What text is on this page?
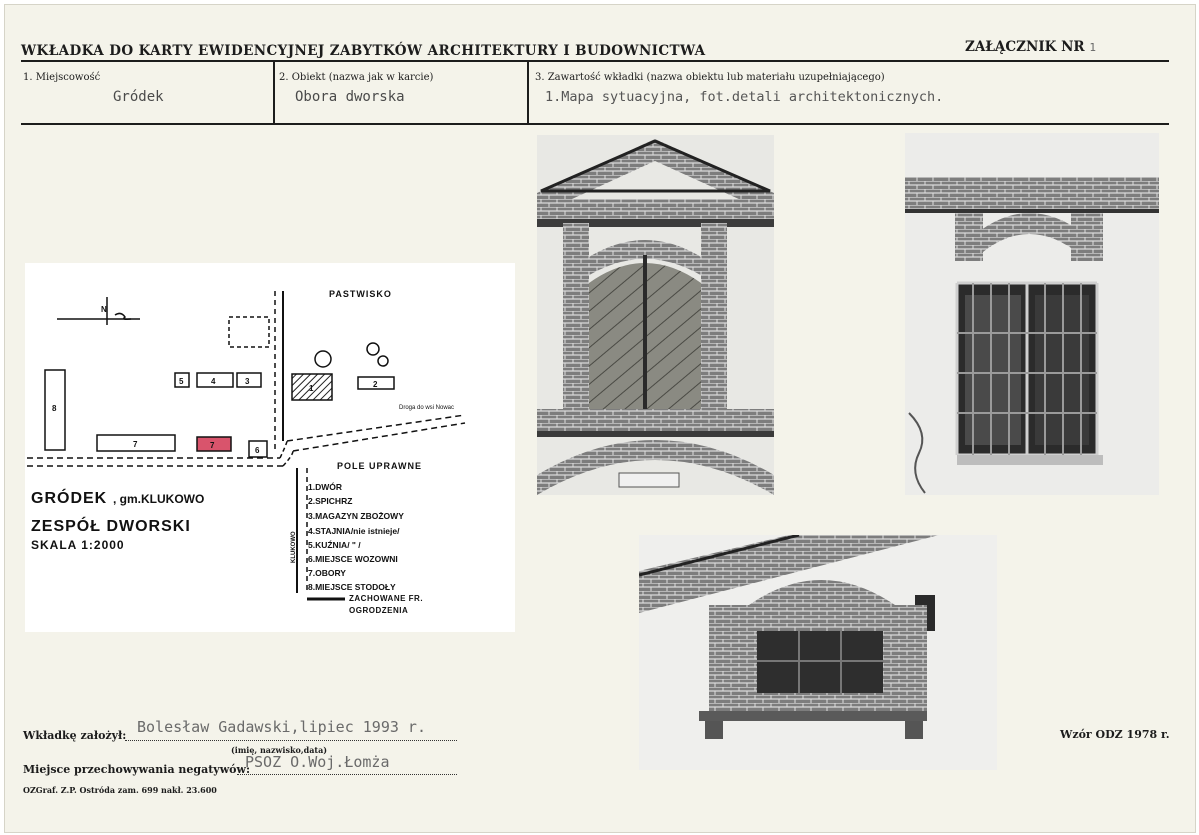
WKŁADKA DO KARTY EWIDENCYJNEJ ZABYTKÓW ARCHITEKTURY I BUDOWNICTWA	ZAŁĄCZNIK NR 1
1. Miejscowość
Gródek
2. Obiekt (nazwa jak w karcie)
Obora dworska
3. Zawartość wkładki (nazwa obiektu lub materiału uzupełniającego)
1.Mapa sytuacyjna, fot.detali architektonicznych.
N
8
7	7
6
5	4	3
1	2
PASTWISKO
POLE UPRAWNE
Droga do wsi Nowac
KLUKOWO
GRÓDEK , gm.KLUKOWO
ZESPÓŁ DWORSKI
SKALA 1:2000
1.DWÓR
2.SPICHRZ
3.MAGAZYN ZBOŻOWY
4.STAJNIA/nie istnieje/
5.KUŹNIA/ " /
6.MIEJSCE WOZOWNI
7.OBORY
8.MIEJSCE STODOŁY
ZACHOWANE FR. OGRODZENIA
Wkładkę założył: Bolesław Gadawski,lipiec 1993 r.
(imię, nazwisko,data)
Miejsce przechowywania negatywów:
PSOZ O.Woj.Łomża
OZGraf. Z.P. Ostróda zam. 699 nakł. 23.600
Wzór ODZ 1978 r.
